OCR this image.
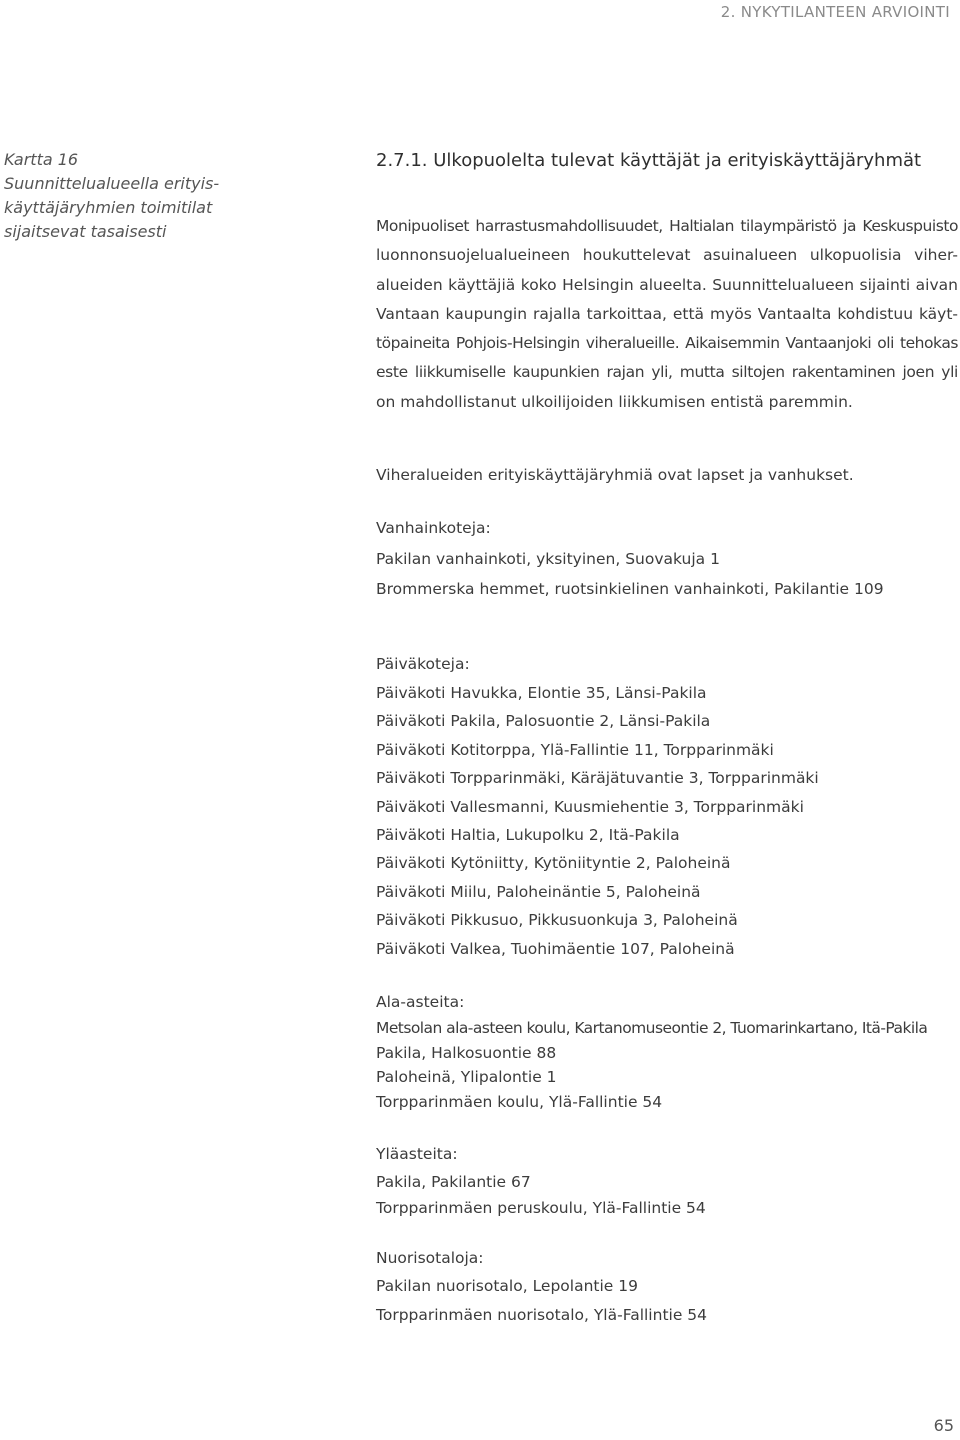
2. NYKYTILANTEEN ARVIOINTI
Kartta 16
Suunnittelualueella erityis-
käyttäjäryhmien toimitilat
sijaitsevat tasaisesti
2.7.1. Ulkopuolelta tulevat käyttäjät ja erityiskäyttäjäryhmät
Monipuoliset harrastusmahdollisuudet, Haltialan tilaympäristö ja Keskuspuisto
luonnonsuojelualueineen houkuttelevat asuinalueen ulkopuolisia viher-
alueiden käyttäjiä koko Helsingin alueelta. Suunnittelualueen sijainti aivan
Vantaan kaupungin rajalla tarkoittaa, että myös Vantaalta kohdistuu käyt-
töpaineita Pohjois-Helsingin viheralueille. Aikaisemmin Vantaanjoki oli tehokas
este liikkumiselle kaupunkien rajan yli, mutta siltojen rakentaminen joen yli
on mahdollistanut ulkoilijoiden liikkumisen entistä paremmin.
Viheralueiden erityiskäyttäjäryhmiä ovat lapset ja vanhukset.

Vanhainkoteja:

Pakilan vanhainkoti, yksityinen, Suovakuja 1

Brommerska hemmet, ruotsinkielinen vanhainkoti, Pakilantie 109

Päiväkoteja:

Päiväkoti Havukka, Elontie 35, Länsi-Pakila

Päiväkoti Pakila, Palosuontie 2, Länsi-Pakila

Päiväkoti Kotitorppa, Ylä-Fallintie 11, Torpparinmäki

Päiväkoti Torpparinmäki, Käräjätuvantie 3, Torpparinmäki

Päiväkoti Vallesmanni, Kuusmiehentie 3, Torpparinmäki

Päiväkoti Haltia, Lukupolku 2, Itä-Pakila

Päiväkoti Kytöniitty, Kytöniityntie 2, Paloheinä

Päiväkoti Miilu, Paloheinäntie 5, Paloheinä

Päiväkoti Pikkusuo, Pikkusuonkuja 3, Paloheinä

Päiväkoti Valkea, Tuohimäentie 107, Paloheinä

Ala-asteita:

Metsolan ala-asteen koulu, Kartanomuseontie 2, Tuomarinkartano, Itä-Pakila

Pakila, Halkosuontie 88

Paloheinä, Ylipalontie 1

Torpparinmäen koulu, Ylä-Fallintie 54

Yläasteita:

Pakila, Pakilantie 67

Torpparinmäen peruskoulu, Ylä-Fallintie 54

Nuorisotaloja:

Pakilan nuorisotalo, Lepolantie 19

Torpparinmäen nuorisotalo, Ylä-Fallintie 54

65
